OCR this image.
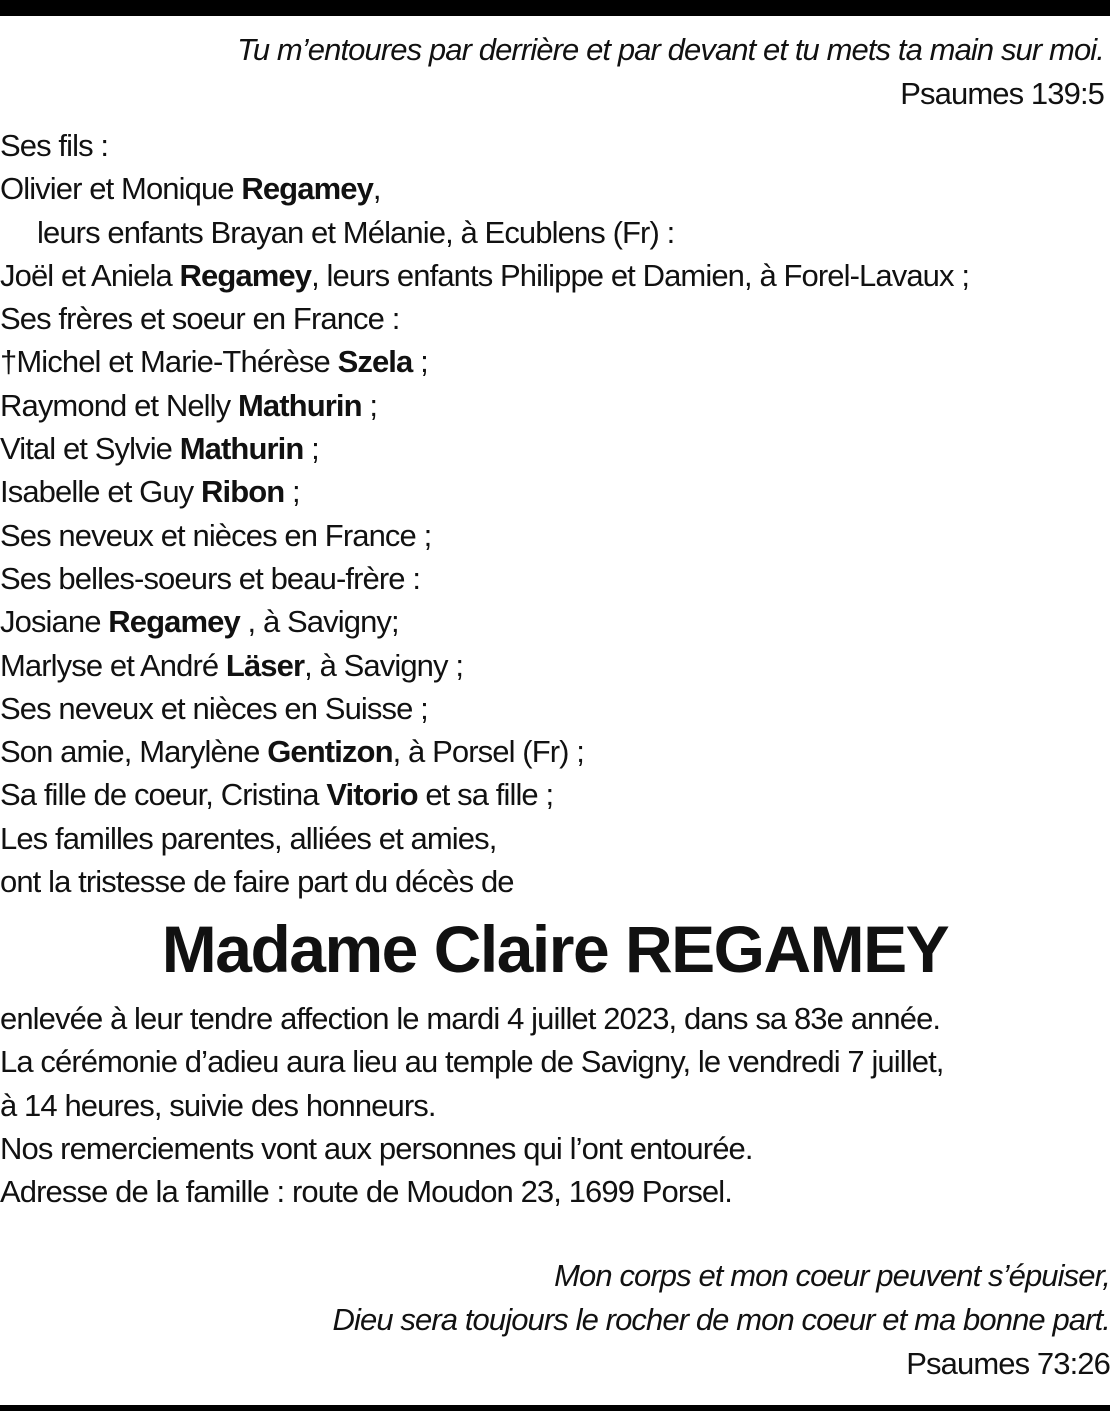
Tu m’entoures par derrière et par devant et tu mets ta main sur moi.
Psaumes 139:5
Ses fils :
Olivier et Monique Regamey,
leurs enfants Brayan et Mélanie, à Ecublens (Fr) :
Joël et Aniela Regamey, leurs enfants Philippe et Damien, à Forel-Lavaux ;
Ses frères et soeur en France :
†Michel et Marie-Thérèse Szela ;
Raymond et Nelly Mathurin ;
Vital et Sylvie Mathurin ;
Isabelle et Guy Ribon ;
Ses neveux et nièces en France ;
Ses belles-soeurs et beau-frère :
Josiane Regamey , à Savigny;
Marlyse et André Läser, à Savigny ;
Ses neveux et nièces en Suisse ;
Son amie, Marylène Gentizon, à Porsel (Fr) ;
Sa fille de coeur, Cristina Vitorio et sa fille ;
Les familles parentes, alliées et amies,
ont la tristesse de faire part du décès de
Madame Claire REGAMEY
enlevée à leur tendre affection le mardi 4 juillet 2023, dans sa 83e année.
La cérémonie d’adieu aura lieu au temple de Savigny, le vendredi 7 juillet,
à 14 heures, suivie des honneurs.
Nos remerciements vont aux personnes qui l’ont entourée.
Adresse de la famille : route de Moudon 23, 1699 Porsel.
Mon corps et mon coeur peuvent s’épuiser,
Dieu sera toujours le rocher de mon coeur et ma bonne part.
Psaumes 73:26
